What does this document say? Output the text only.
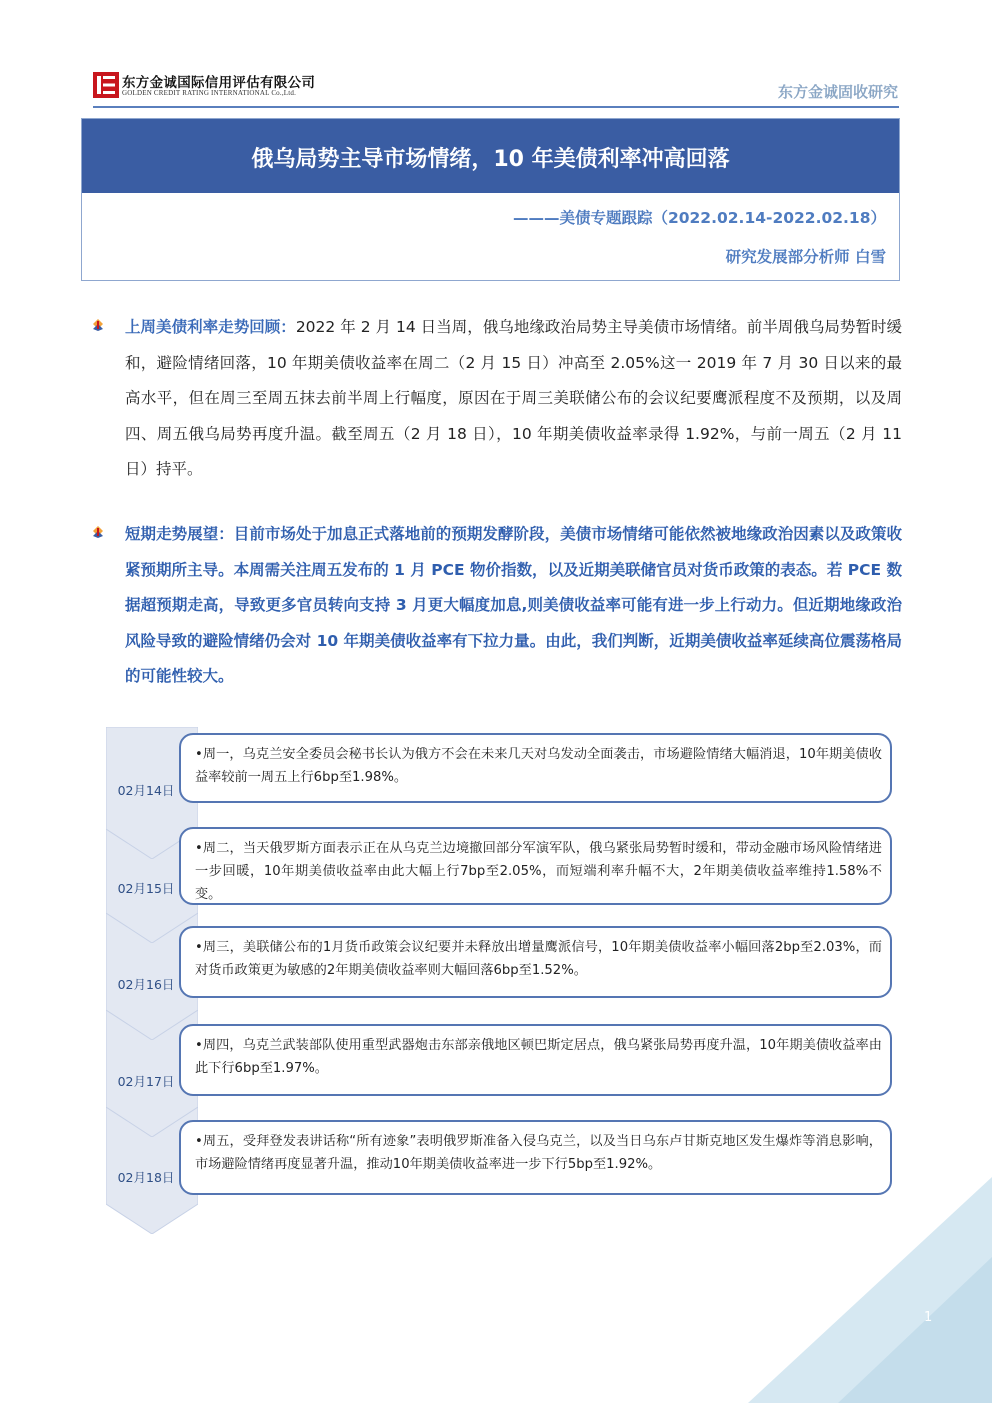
东方金诚国际信用评估有限公司
GOLDEN CREDIT RATING INTERNATIONAL Co.,Ltd.	东方金诚固收研究
俄乌局势主导市场情绪，10 年美债利率冲高回落
———美债专题跟踪（2022.02.14-2022.02.18）
研究发展部分析师 白雪
上周美债利率走势回顾：2022 年 2 月 14 日当周，俄乌地缘政治局势主导美债市场情绪。前半周俄乌局势暂时缓和，避险情绪回落，10 年期美债收益率在周二（2 月 15 日）冲高至 2.05%这一 2019 年 7 月 30 日以来的最高水平，但在周三至周五抹去前半周上行幅度，原因在于周三美联储公布的会议纪要鹰派程度不及预期，以及周四、周五俄乌局势再度升温。截至周五（2 月 18 日），10 年期美债收益率录得 1.92%，与前一周五（2 月 11 日）持平。
短期走势展望：目前市场处于加息正式落地前的预期发酵阶段，美债市场情绪可能依然被地缘政治因素以及政策收紧预期所主导。本周需关注周五发布的 1 月 PCE 物价指数，以及近期美联储官员对货币政策的表态。若 PCE 数据超预期走高，导致更多官员转向支持 3 月更大幅度加息,则美债收益率可能有进一步上行动力。但近期地缘政治风险导致的避险情绪仍会对 10 年期美债收益率有下拉力量。由此，我们判断，近期美债收益率延续高位震荡格局的可能性较大。
02月14日
02月15日
02月16日
02月17日
02月18日
•周一，乌克兰安全委员会秘书长认为俄方不会在未来几天对乌发动全面袭击，市场避险情绪大幅消退，10年期美债收益率较前一周五上行6bp至1.98%。
•周二，当天俄罗斯方面表示正在从乌克兰边境撤回部分军演军队，俄乌紧张局势暂时缓和，带动金融市场风险情绪进一步回暖，10年期美债收益率由此大幅上行7bp至2.05%，而短端利率升幅不大，2年期美债收益率维持1.58%不变。
•周三，美联储公布的1月货币政策会议纪要并未释放出增量鹰派信号，10年期美债收益率小幅回落2bp至2.03%，而对货币政策更为敏感的2年期美债收益率则大幅回落6bp至1.52%。
•周四，乌克兰武装部队使用重型武器炮击东部亲俄地区顿巴斯定居点，俄乌紧张局势再度升温，10年期美债收益率由此下行6bp至1.97%。
•周五，受拜登发表讲话称“所有迹象”表明俄罗斯准备入侵乌克兰，以及当日乌东卢甘斯克地区发生爆炸等消息影响，市场避险情绪再度显著升温，推动10年期美债收益率进一步下行5bp至1.92%。
1
